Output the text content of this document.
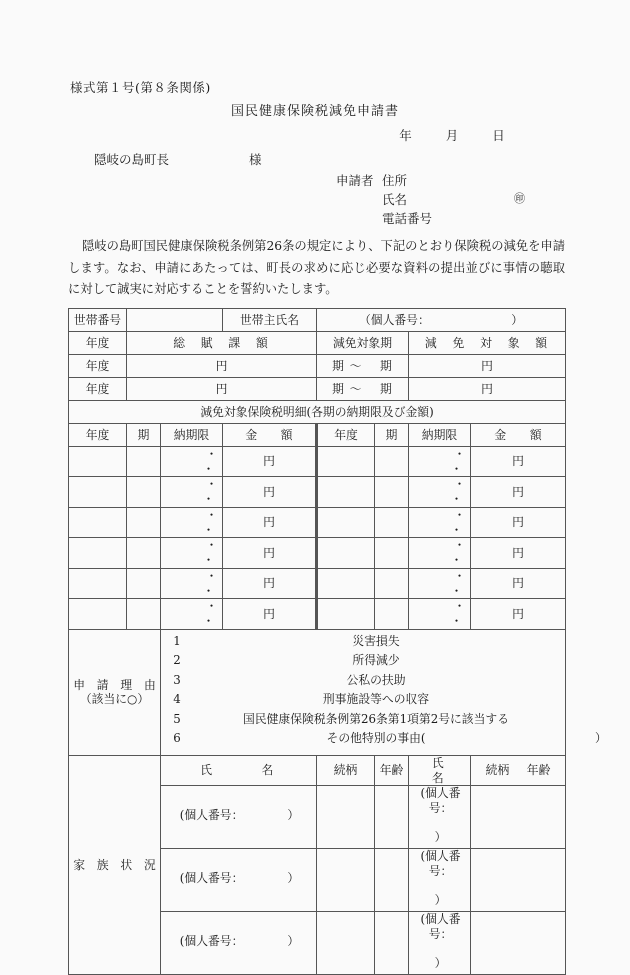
様式第１号(第８条関係)
国民健康保険税減免申請書
年	月	日
隠岐の島町長	様
申請者 住所
氏名	㊞
電話番号
隠岐の島町国民健康保険税条例第26条の規定により、下記のとおり保険税の減免を申請します。なお、申請にあたっては、町長の求めに応じ必要な資料の提出並びに事情の聴取に対して誠実に対応することを誓約いたします。
世帯番号			世帯主氏名	（個人番号： ）			
年度	総　賦　課　額			減免対象期		減　免　対　象　額	
年度	円			期 ～ 　期		円	
年度	円			期 ～ 　期		円	
減免対象保険税明細(各期の納期限及び金額)							
年度	期	納期限	金　　額	年度	期	納期限	金　　額
		・・	円			・・	円
		・・	円			・・	円
		・・	円			・・	円
		・・	円			・・	円
		・・	円			・・	円
		・・	円			・・	円

申　請　理　由
（該当に○）

1	災害損失
2	所得減少
3	公私の扶助
4	刑事施設等への収容
5	国民健康保険税条例第26条第1項第2号に該当する
6	その他特別の事由(	）

家　族　状　況		氏　　　名		続柄	年齢	氏　　　名	続柄 年齢
		(個人番号： ）				(個人番号：）	
		(個人番号： ）				(個人番号：）	
		(個人番号： ）				(個人番号：）	
